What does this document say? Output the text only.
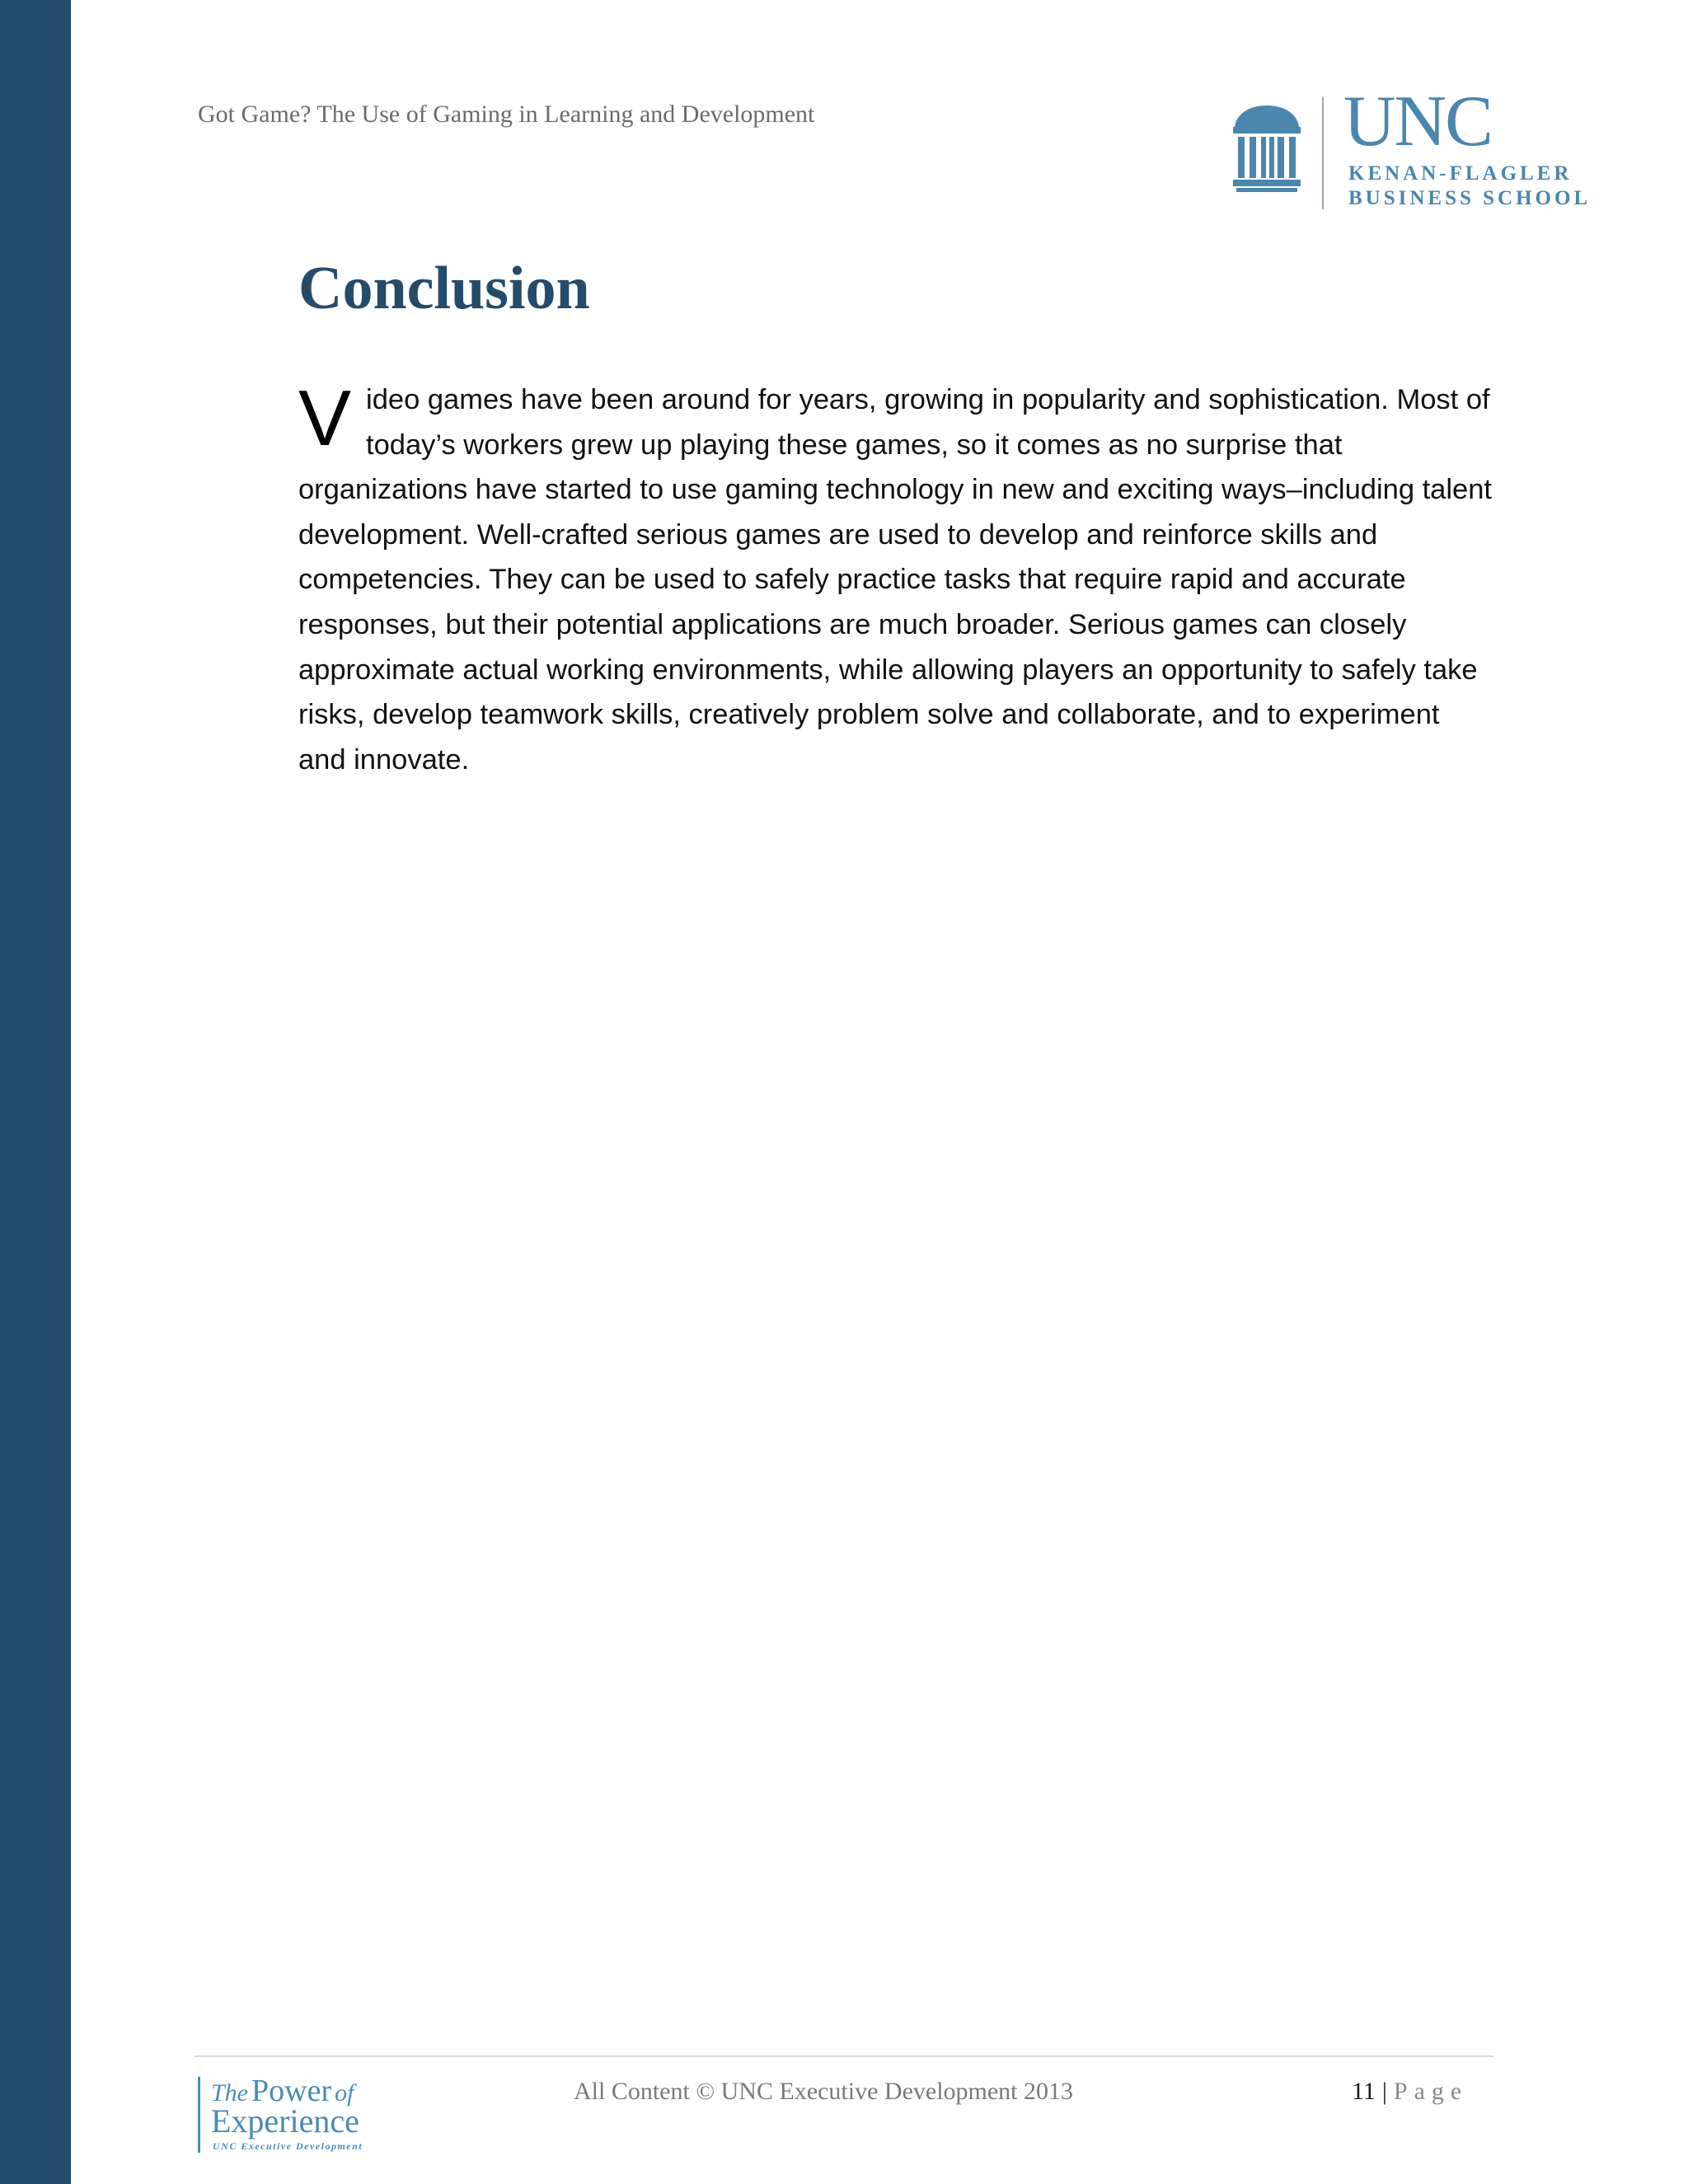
Got Game? The Use of Gaming in Learning and Development	UNC
KENAN-FLAGLER
BUSINESS SCHOOL
Conclusion

Video games have been around for years, growing in popularity and sophistication. Most of today’s workers grew up playing these games, so it comes as no surprise that organizations have started to use gaming technology in new and exciting ways–including talent development. Well-crafted serious games are used to develop and reinforce skills and competencies. They can be used to safely practice tasks that require rapid and accurate responses, but their potential applications are much broader. Serious games can closely approximate actual working environments, while allowing players an opportunity to safely take risks, develop teamwork skills, creatively problem solve and collaborate, and to experiment and innovate.

The Power of
Experience
UNC Executive Development
All Content © UNC Executive Development 2013	11 | Page
